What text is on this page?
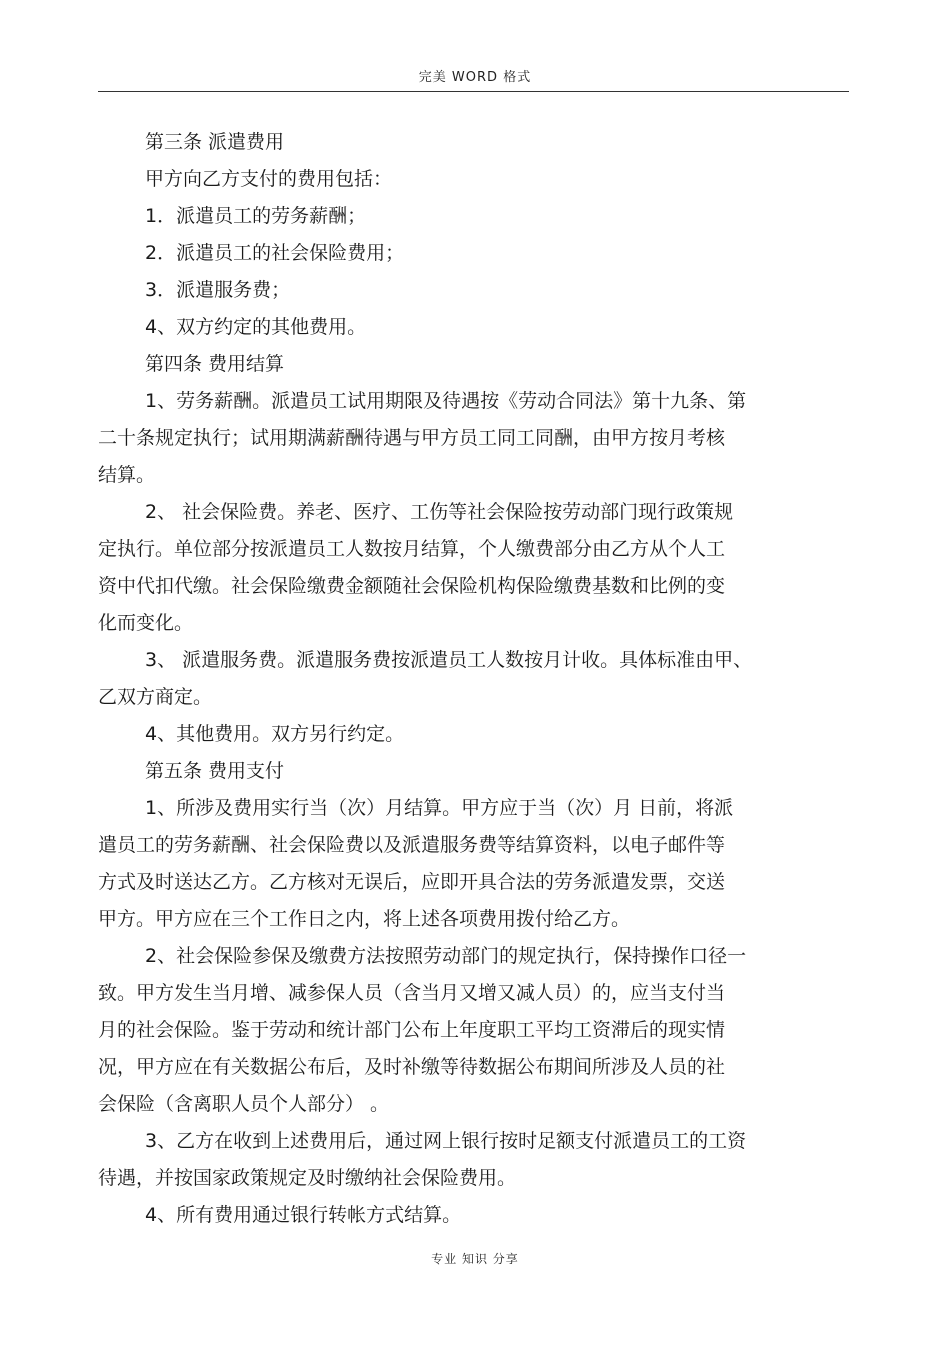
完美 WORD 格式
第三条 派遣费用
甲方向乙方支付的费用包括：
1．派遣员工的劳务薪酬；
2．派遣员工的社会保险费用；
3．派遣服务费；
4、双方约定的其他费用。
第四条 费用结算
1、劳务薪酬。派遣员工试用期限及待遇按《劳动合同法》第十九条、第
二十条规定执行；试用期满薪酬待遇与甲方员工同工同酬，由甲方按月考核
结算。
2、 社会保险费。养老、医疗、工伤等社会保险按劳动部门现行政策规
定执行。单位部分按派遣员工人数按月结算，个人缴费部分由乙方从个人工
资中代扣代缴。社会保险缴费金额随社会保险机构保险缴费基数和比例的变
化而变化。
3、 派遣服务费。派遣服务费按派遣员工人数按月计收。具体标准由甲、
乙双方商定。
4、其他费用。双方另行约定。
第五条 费用支付
1、所涉及费用实行当（次）月结算。甲方应于当（次）月 日前，将派
遣员工的劳务薪酬、社会保险费以及派遣服务费等结算资料，以电子邮件等
方式及时送达乙方。乙方核对无误后，应即开具合法的劳务派遣发票，交送
甲方。甲方应在三个工作日之内，将上述各项费用拨付给乙方。
2、社会保险参保及缴费方法按照劳动部门的规定执行，保持操作口径一
致。甲方发生当月增、减参保人员（含当月又增又减人员）的，应当支付当
月的社会保险。鉴于劳动和统计部门公布上年度职工平均工资滞后的现实情
况，甲方应在有关数据公布后，及时补缴等待数据公布期间所涉及人员的社
会保险（含离职人员个人部分） 。
3、乙方在收到上述费用后，通过网上银行按时足额支付派遣员工的工资
待遇，并按国家政策规定及时缴纳社会保险费用。
4、所有费用通过银行转帐方式结算。
专业 知识 分享
